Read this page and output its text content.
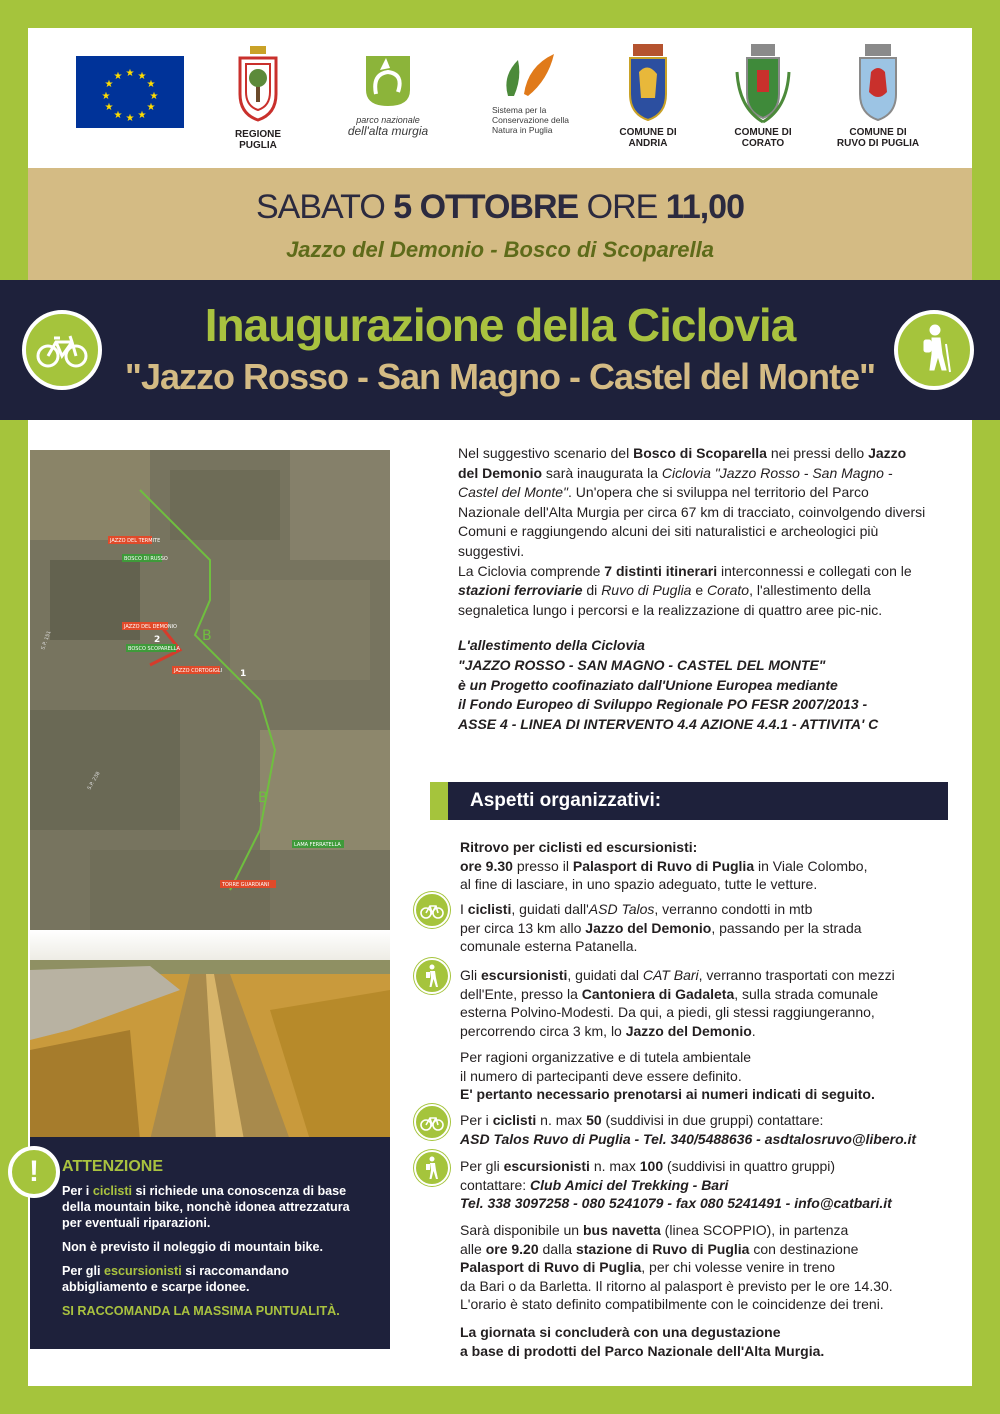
★ ★
★
★
★
★
★
★
★
★
★
★
REGIONE
PUGLIA
parco nazionale
dell'alta murgia
Sistema per la
Conservazione della
Natura in Puglia	COMUNE DI
ANDRIA
COMUNE DI
CORATO
COMUNE DI
RUVO DI PUGLIA
SABATO 5 OTTOBRE ORE 11,00
Jazzo del Demonio - Bosco di Scoparella
Inaugurazione della Ciclovia
"Jazzo Rosso - San Magno - Castel del Monte"
JAZZO DEL TERMITE
BOSCO DI RUSSO
JAZZO DEL DEMONIO
BOSCO SCOPARELLA
JAZZO CORTOGIGLI
LAMA FERRATELLA
TORRE GUARDIANI
B
B
1
2
S.P. 151
S.P. 238

Nel suggestivo scenario del Bosco di Scoparella nei pressi dello Jazzo del Demonio sarà inaugurata la Ciclovia "Jazzo Rosso - San Magno - Castel del Monte". Un'opera che si sviluppa nel territorio del Parco Nazionale dell'Alta Murgia per circa 67 km di tracciato, coinvolgendo diversi Comuni e raggiungendo alcuni dei siti naturalistici e archeologici più suggestivi.

La Ciclovia comprende 7 distinti itinerari interconnessi e collegati con le stazioni ferroviarie di Ruvo di Puglia e Corato, l'allestimento della segnaletica lungo i percorsi e la realizzazione di quattro aree pic-nic.

L'allestimento della Ciclovia

"JAZZO ROSSO - SAN MAGNO - CASTEL DEL MONTE"

è un Progetto coofinaziato dall'Unione Europea mediante

il Fondo Europeo di Sviluppo Regionale PO FESR 2007/2013 -

ASSE 4 - LINEA DI INTERVENTO 4.4 AZIONE 4.4.1 - ATTIVITA' C

Aspetti organizzativi:
Ritrovo per ciclisti ed escursionisti:
ore 9.30 presso il Palasport di Ruvo di Puglia in Viale Colombo,
al fine di lasciare, in uno spazio adeguato, tutte le vetture.
I ciclisti, guidati dall'ASD Talos, verranno condotti in mtb
per circa 13 km allo Jazzo del Demonio, passando per la strada
comunale esterna Patanella.
Gli escursionisti, guidati dal CAT Bari, verranno trasportati con mezzi
dell'Ente, presso la Cantoniera di Gadaleta, sulla strada comunale
esterna Polvino-Modesti. Da qui, a piedi, gli stessi raggiungeranno,
percorrendo circa 3 km, lo Jazzo del Demonio.
Per ragioni organizzative e di tutela ambientale
il numero di partecipanti deve essere definito.
E' pertanto necessario prenotarsi ai numeri indicati di seguito.
Per i ciclisti n. max 50 (suddivisi in due gruppi) contattare:
ASD Talos Ruvo di Puglia - Tel. 340/5488636 - asdtalosruvo@libero.it
Per gli escursionisti n. max 100 (suddivisi in quattro gruppi)
contattare: Club Amici del Trekking - Bari
Tel. 338 3097258 - 080 5241079 - fax 080 5241491 - info@catbari.it
Sarà disponibile un bus navetta (linea SCOPPIO), in partenza
alle ore 9.20 dalla stazione di Ruvo di Puglia con destinazione
Palasport di Ruvo di Puglia, per chi volesse venire in treno
da Bari o da Barletta. Il ritorno al palasport è previsto per le ore 14.30.
L'orario è stato definito compatibilmente con le coincidenze dei treni.
La giornata si concluderà con una degustazione
a base di prodotti del Parco Nazionale dell'Alta Murgia.
ATTENZIONE

Per i ciclisti si richiede una conoscenza di base della mountain bike, nonchè idonea attrezzatura per eventuali riparazioni.

Non è previsto il noleggio di mountain bike.

Per gli escursionisti si raccomandano abbigliamento e scarpe idonee.

SI RACCOMANDA LA MASSIMA PUNTUALITÀ.

!
